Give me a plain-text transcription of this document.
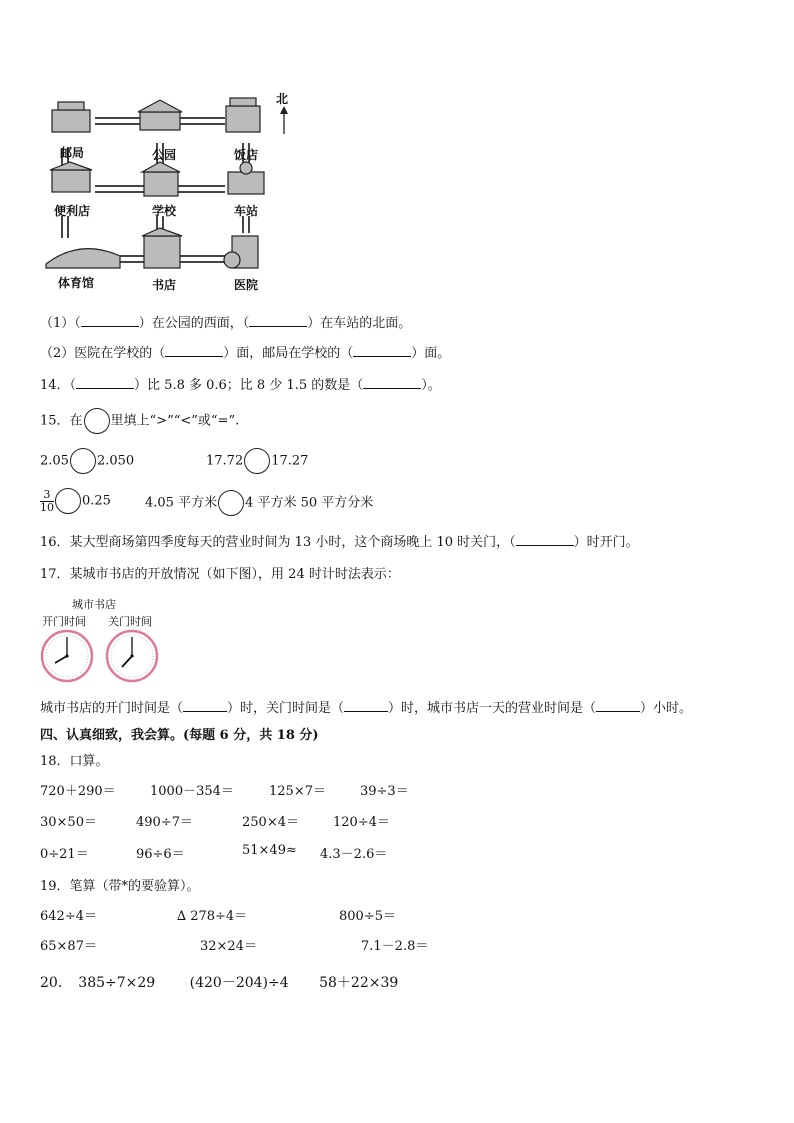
北
邮局	公园	饭店
便利店	学校	车站
体育馆	书店	医院
（1）（	）在公园的西面，（	）在车站的北面。
（2）医院在学校的（	）面，邮局在学校的（	）面。
14．（	）比 5.8 多 0.6；比 8 少 1.5 的数是（	）。
15．在 里填上“>”“<”或“=”.
2.05 2.050	17.72 17.27
$\frac{3}{10} 0.25$	4.05 平方米 4 平方米 50 平方分米
16．某大型商场第四季度每天的营业时间为 13 小时，这个商场晚上 10 时关门，（	）时开门。
17．某城市书店的开放情况（如下图），用 24 时计时法表示：
城市书店
开门时间 关门时间
城市书店的开门时间是（	）时，关门时间是（	）时，城市书店一天的营业时间是（	）小时。
四、认真细致，我会算。(每题 6 分，共 18 分)
18．口算。
720＋290＝	1000－354＝	125×7＝	39÷3＝
30×50＝	490÷7＝	250×4＝	120÷4＝
0÷21＝	96÷6＝	51×49≈ 4.3－2.6＝
19．笔算（带*的要验算）。
642÷4＝	∆ 278÷4＝	800÷5＝
65×87＝	32×24＝	7.1－2.8＝
20． 385÷7×29 (420－204)÷4 58＋22×39
